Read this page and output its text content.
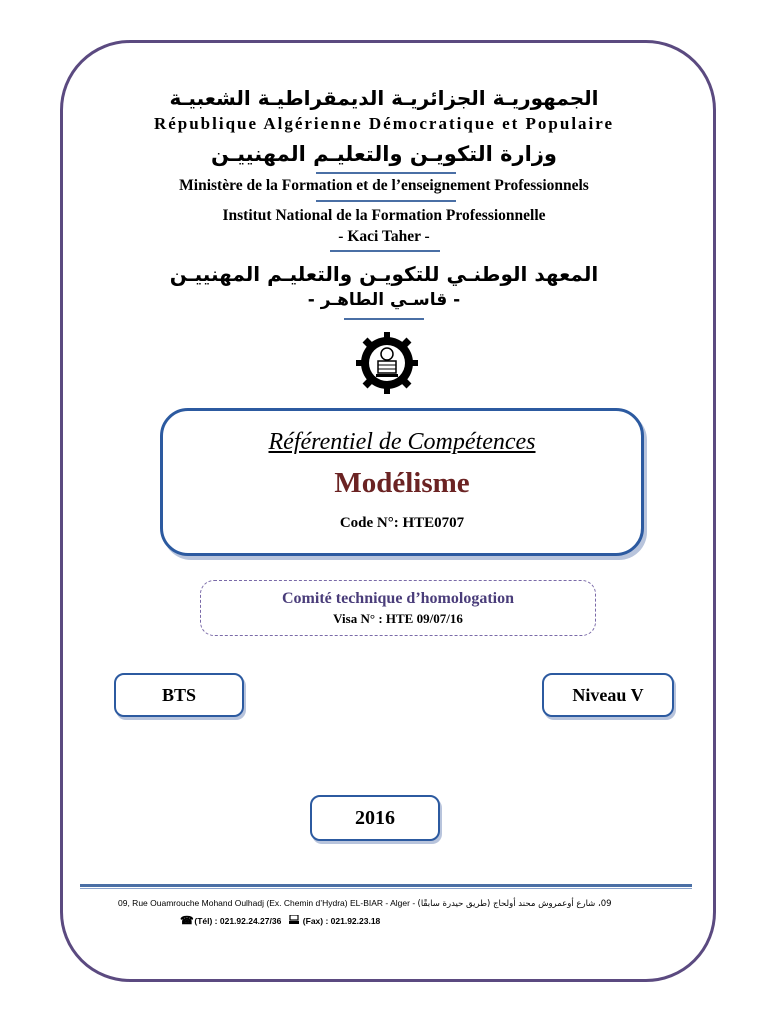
الجمهوريـة الجزائريـة الديمقراطيـة الشعبيـة
République Algérienne Démocratique et Populaire
وزارة التكويـن والتعليـم المهنييـن
Ministère de la Formation et de l’enseignement Professionnels
Institut National de la Formation Professionnelle
- Kaci Taher -
المعهد الوطنـي للتكويـن والتعليـم المهنييـن
- قاسـي الطاهـر -
Référentiel de Compétences
Modélisme
Code N°: HTE0707
Comité technique d’homologation
Visa N° : HTE 09/07/16
BTS	Niveau V
2016
09, Rue Ouamrouche Mohand Oulhadj (Ex. Chemin d’Hydra) EL-BIAR - Alger - 09، شارع أوعمروش محند أولحاج (طريق حيدرة سابقًا)
☎ (Tél) : 021.92.24.27/36	(Fax) : 021.92.23.18
